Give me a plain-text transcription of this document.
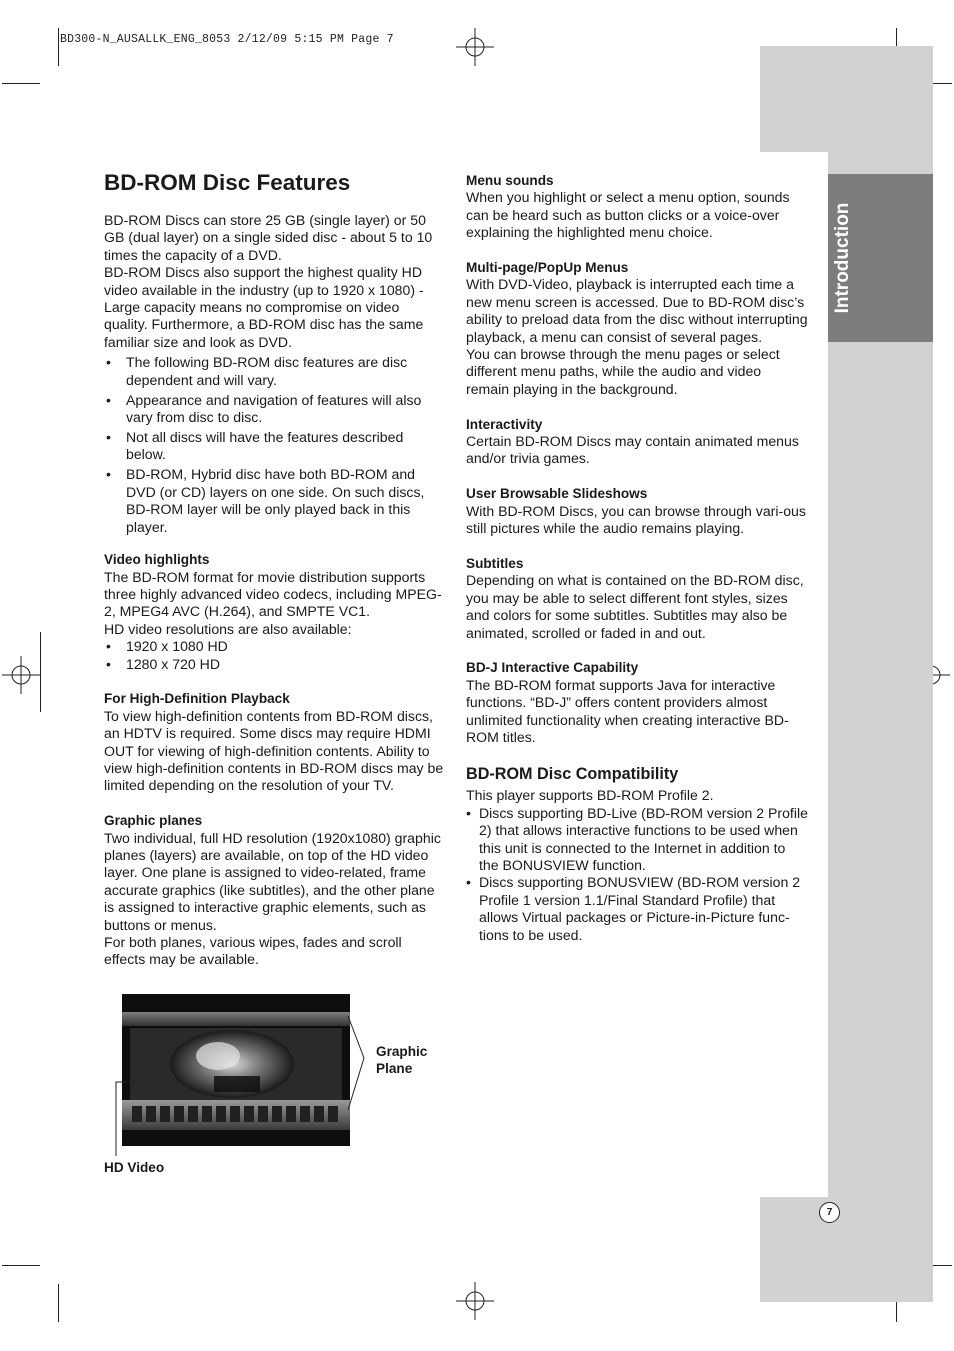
BD300-N_AUSALLK_ENG_8053 2/12/09 5:15 PM Page 7
Introduction
7
BD-ROM Disc Features

BD-ROM Discs can store 25 GB (single layer) or 50 GB (dual layer) on a single sided disc - about 5 to 10 times the capacity of a DVD.

BD-ROM Discs also support the highest quality HD video available in the industry (up to 1920 x 1080) - Large capacity means no compromise on video quality. Furthermore, a BD-ROM disc has the same familiar size and look as DVD.

• The following BD-ROM disc features are disc dependent and will vary.
• Appearance and navigation of features will also vary from disc to disc.
• Not all discs will have the features described below.
• BD-ROM, Hybrid disc have both BD-ROM and DVD (or CD) layers on one side. On such discs, BD-ROM layer will be only played back in this player.
Video highlights

The BD-ROM format for movie distribution supports three highly advanced video codecs, including MPEG-2, MPEG4 AVC (H.264), and SMPTE VC1.

HD video resolutions are also available:

• 1920 x 1080 HD
• 1280 x 720 HD
For High-Definition Playback

To view high-definition contents from BD-ROM discs, an HDTV is required. Some discs may require HDMI OUT for viewing of high-definition contents. Ability to view high-definition contents in BD-ROM discs may be limited depending on the resolution of your TV.

Graphic planes

Two individual, full HD resolution (1920x1080) graphic planes (layers) are available, on top of the HD video layer. One plane is assigned to video-related, frame accurate graphics (like subtitles), and the other plane is assigned to interactive graphic elements, such as buttons or menus.

For both planes, various wipes, fades and scroll effects may be available.

Graphic Plane
HD Video
Menu sounds

When you highlight or select a menu option, sounds can be heard such as button clicks or a voice-over explaining the highlighted menu choice.

Multi-page/PopUp Menus

With DVD-Video, playback is interrupted each time a new menu screen is accessed. Due to BD-ROM disc’s ability to preload data from the disc without interrupting playback, a menu can consist of several pages.

You can browse through the menu pages or select different menu paths, while the audio and video remain playing in the background.

Interactivity

Certain BD-ROM Discs may contain animated menus and/or trivia games.

User Browsable Slideshows

With BD-ROM Discs, you can browse through vari-ous still pictures while the audio remains playing.

Subtitles

Depending on what is contained on the BD-ROM disc, you may be able to select different font styles, sizes and colors for some subtitles. Subtitles may also be animated, scrolled or faded in and out.

BD-J Interactive Capability

The BD-ROM format supports Java for interactive functions. “BD-J” offers content providers almost unlimited functionality when creating interactive BD-ROM titles.

BD-ROM Disc Compatibility

This player supports BD-ROM Profile 2.

• Discs supporting BD-Live (BD-ROM version 2 Profile 2) that allows interactive functions to be used when this unit is connected to the Internet in addition to the BONUSVIEW function.
• Discs supporting BONUSVIEW (BD-ROM version 2 Profile 1 version 1.1/Final Standard Profile) that allows Virtual packages or Picture-in-Picture func-tions to be used.
